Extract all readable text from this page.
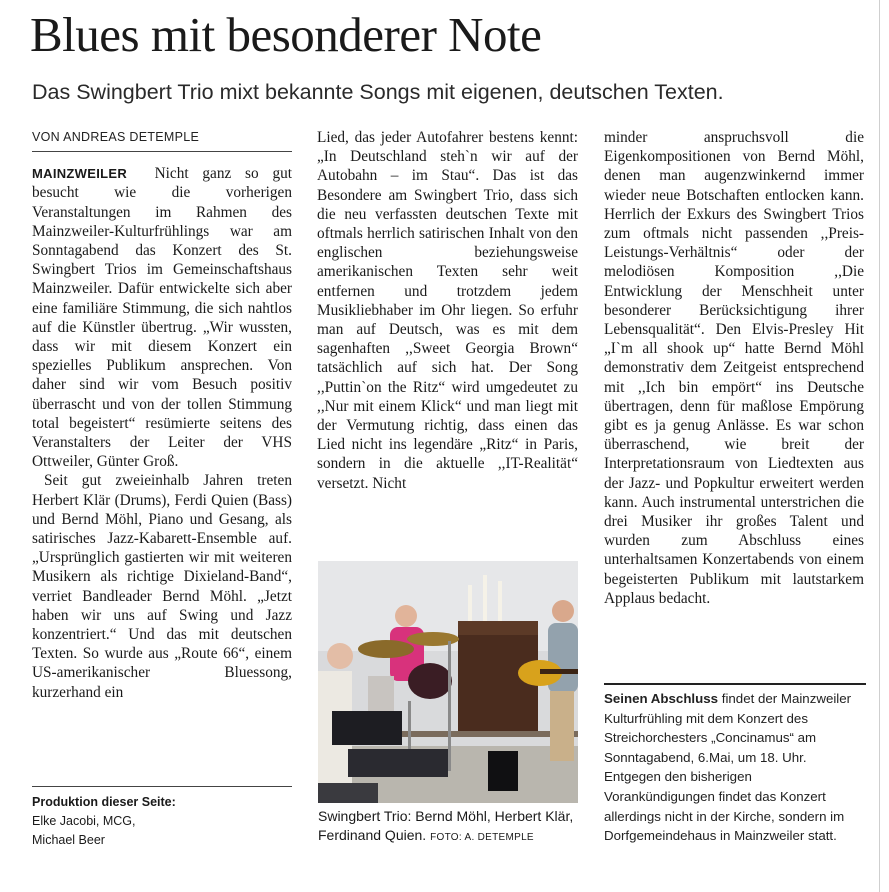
Blues mit besonderer Note

Das Swingbert Trio mixt bekannte Songs mit eigenen, deutschen Texten.

VON ANDREAS DETEMPLE

MAINZWEILER Nicht ganz so gut besucht wie die vorherigen Veranstaltungen im Rahmen des Mainzweiler-Kulturfrühlings war am Sonntagabend das Konzert des St. Swingbert Trios im Gemeinschaftshaus Mainzweiler. Dafür entwickelte sich aber eine familiäre Stimmung, die sich nahtlos auf die Künstler übertrug. „Wir wussten, dass wir mit diesem Konzert ein spezielles Publikum ansprechen. Von daher sind wir vom Besuch positiv überrascht und von der tollen Stimmung total begeistert“ resümierte seitens des Veranstalters der Leiter der VHS Ottweiler, Günter Groß.

Seit gut zweieinhalb Jahren treten Herbert Klär (Drums), Ferdi Quien (Bass) und Bernd Möhl, Piano und Gesang, als satirisches Jazz-Kabarett-Ensemble auf. „Ursprünglich gastierten wir mit weiteren Musikern als richtige Dixieland-Band“, verriet Bandleader Bernd Möhl. „Jetzt haben wir uns auf Swing und Jazz konzentriert.“ Und das mit deutschen Texten. So wurde aus „Route 66“, einem US-amerikanischer Bluessong, kurzerhand ein

Produktion dieser Seite:
Elke Jacobi, MCG,
Michael Beer

Lied, das jeder Autofahrer bestens kennt: „In Deutschland steh`n wir auf der Autobahn – im Stau“. Das ist das Besondere am Swingbert Trio, dass sich die neu verfassten deutschen Texte mit oftmals herrlich satirischen Inhalt von den englischen beziehungsweise amerikanischen Texten sehr weit entfernen und trotzdem jedem Musikliebhaber im Ohr liegen. So erfuhr man auf Deutsch, was es mit dem sagenhaften ,,Sweet Georgia Brown“ tatsächlich auf sich hat. Der Song ,,Puttin`on the Ritz“ wird umgedeutet zu ,,Nur mit einem Klick“ und man liegt mit der Vermutung richtig, dass einen das Lied nicht ins legendäre „Ritz“ in Paris, sondern in die aktuelle ,,IT-Realität“ versetzt. Nicht

Swingbert Trio: Bernd Möhl, Herbert Klär, Ferdinand Quien. FOTO: A. DETEMPLE

minder anspruchsvoll die Eigenkompositionen von Bernd Möhl, denen man augenzwinkernd immer wieder neue Botschaften entlocken kann. Herrlich der Exkurs des Swingbert Trios zum oftmals nicht passenden ,,Preis-Leistungs-Verhältnis“ oder der melodiösen Komposition ,,Die Entwicklung der Menschheit unter besonderer Berücksichtigung ihrer Lebensqualität“. Den Elvis-Presley Hit „I`m all shook up“ hatte Bernd Möhl demonstrativ dem Zeitgeist entsprechend mit ,,Ich bin empört“ ins Deutsche übertragen, denn für maßlose Empörung gibt es ja genug Anlässe. Es war schon überraschend, wie breit der Interpretationsraum von Liedtexten aus der Jazz- und Popkultur erweitert werden kann. Auch instrumental unterstrichen die drei Musiker ihr großes Talent und wurden zum Abschluss eines unterhaltsamen Konzertabends von einem begeisterten Publikum mit lautstarkem Applaus bedacht.

Seinen Abschluss findet der Mainzweiler Kulturfrühling mit dem Konzert des Streichorchesters „Concinamus“ am Sonntagabend, 6.Mai, um 18. Uhr. Entgegen den bisherigen Vorankündigungen findet das Konzert allerdings nicht in der Kirche, sondern im Dorfgemeindehaus in Mainzweiler statt.
